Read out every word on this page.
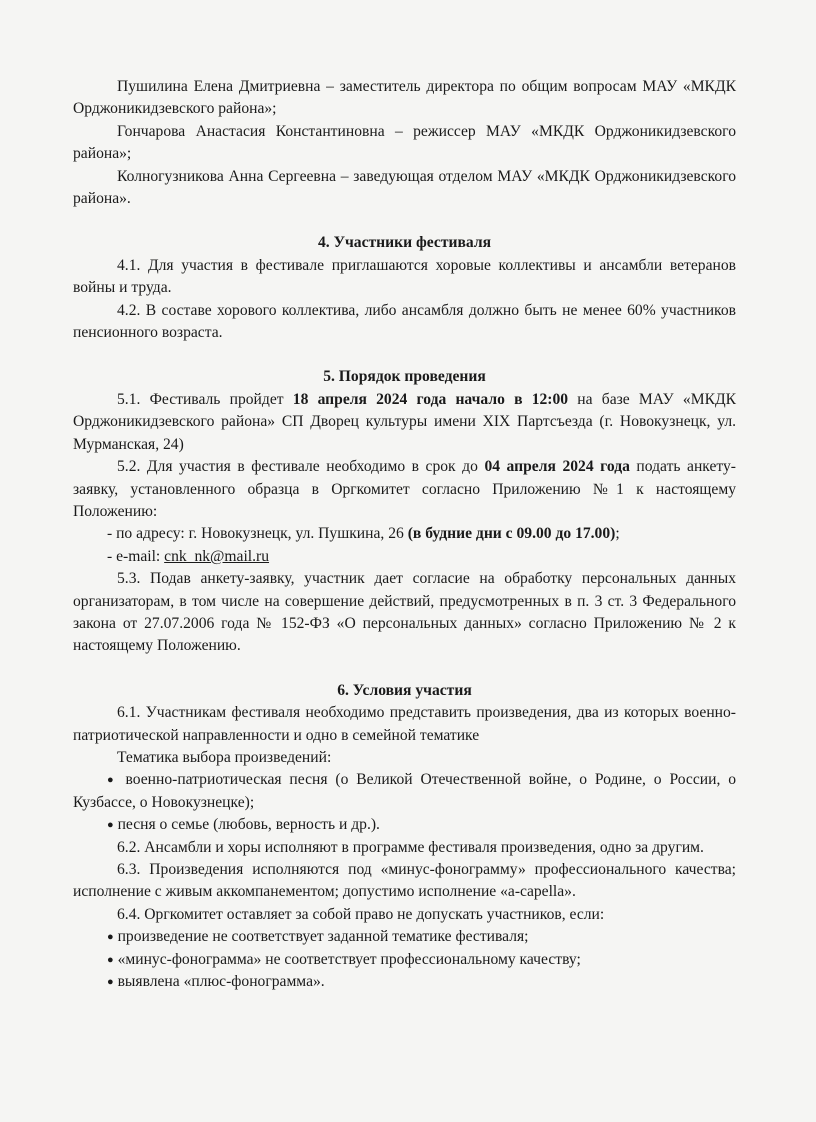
Пушилина Елена Дмитриевна – заместитель директора по общим вопросам МАУ «МКДК Орджоникидзевского района»;

Гончарова Анастасия Константиновна – режиссер МАУ «МКДК Орджоникидзевского района»;

Колногузникова Анна Сергеевна – заведующая отделом МАУ «МКДК Орджоникидзевского района».

4. Участники фестиваля

4.1. Для участия в фестивале приглашаются хоровые коллективы и ансамбли ветеранов войны и труда.

4.2. В составе хорового коллектива, либо ансамбля должно быть не менее 60% участников пенсионного возраста.

5. Порядок проведения

5.1. Фестиваль пройдет 18 апреля 2024 года начало в 12:00 на базе МАУ «МКДК Орджоникидзевского района» СП Дворец культуры имени XIX Партсъезда (г. Новокузнецк, ул. Мурманская, 24)

5.2. Для участия в фестивале необходимо в срок до 04 апреля 2024 года подать анкету-заявку, установленного образца в Оргкомитет согласно Приложению №1 к настоящему Положению:

- по адресу: г. Новокузнецк, ул. Пушкина, 26 (в будние дни с 09.00 до 17.00);

- e-mail: cnk_nk@mail.ru

5.3. Подав анкету-заявку, участник дает согласие на обработку персональных данных организаторам, в том числе на совершение действий, предусмотренных в п. 3 ст. 3 Федерального закона от 27.07.2006 года № 152-ФЗ «О персональных данных» согласно Приложению № 2 к настоящему Положению.

6. Условия участия

6.1. Участникам фестиваля необходимо представить произведения, два из которых военно-патриотической направленности и одно в семейной тематике

Тематика выбора произведений:

● военно-патриотическая песня (о Великой Отечественной войне, о Родине, о России, о Кузбассе, о Новокузнецке);

● песня о семье (любовь, верность и др.).

6.2. Ансамбли и хоры исполняют в программе фестиваля произведения, одно за другим.

6.3. Произведения исполняются под «минус-фонограмму» профессионального качества; исполнение с живым аккомпанементом; допустимо исполнение «а-capella».

6.4. Оргкомитет оставляет за собой право не допускать участников, если:

● произведение не соответствует заданной тематике фестиваля;

● «минус-фонограмма» не соответствует профессиональному качеству;

● выявлена «плюс-фонограмма».
